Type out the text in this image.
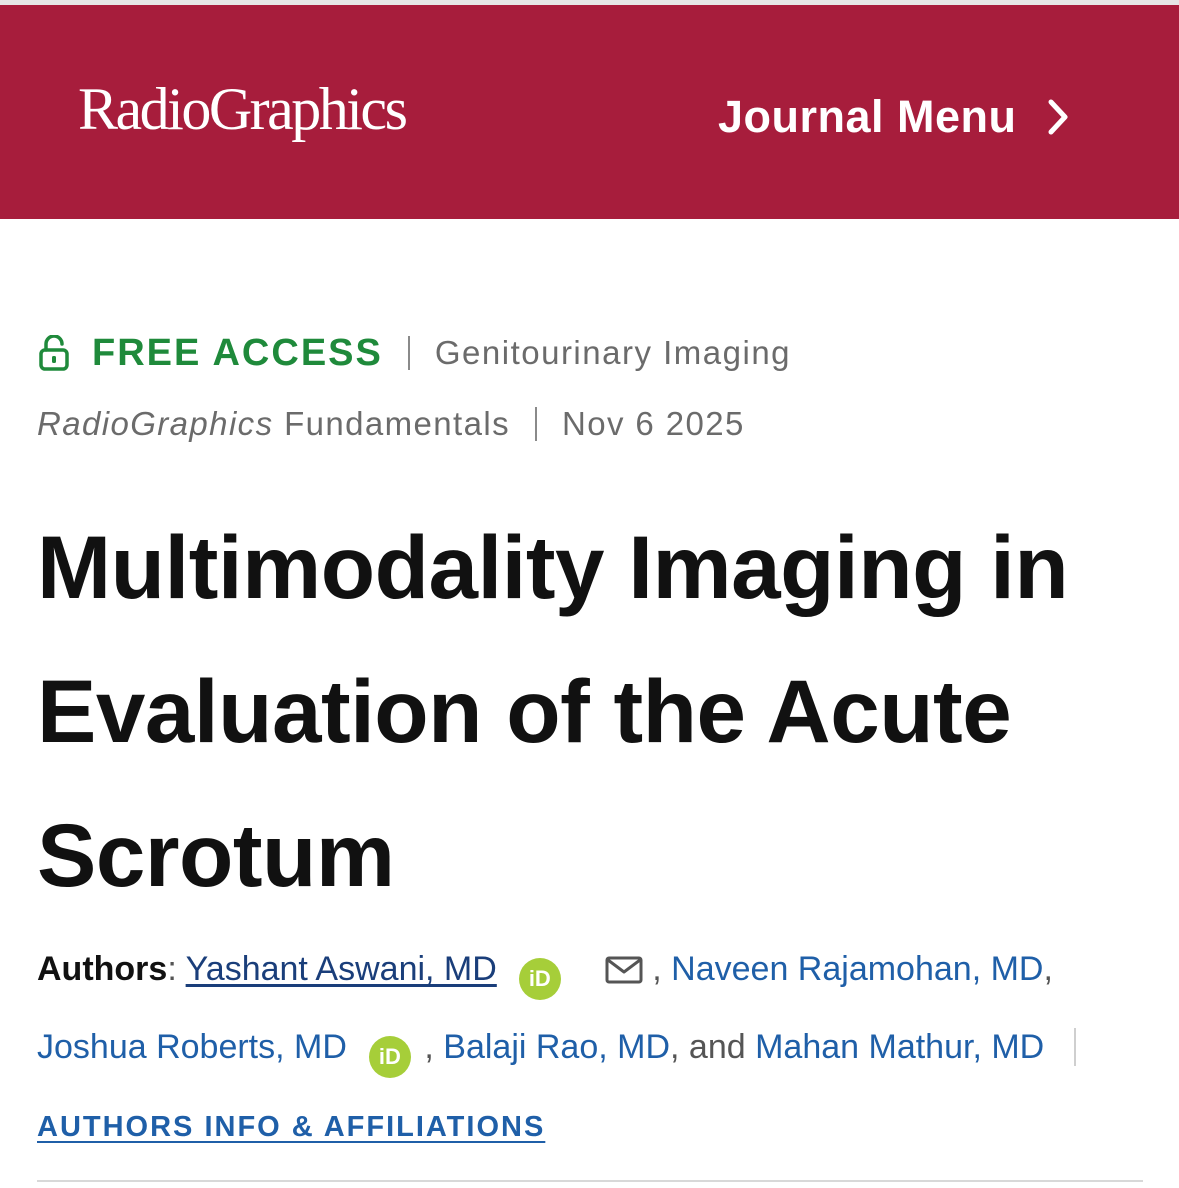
RadioGraphics	Journal Menu
FREE ACCESS Genitourinary Imaging
RadioGraphics
Fundamentals Nov 6 2025
Multimodality Imaging in Evaluation of the Acute Scrotum
Authors: Yashant Aswani, MD iD	, Naveen Rajamohan, MD,
Joshua Roberts, MD iD , Balaji Rao, MD, and Mahan Mathur, MDAUTHORS INFO & AFFILIATIONS
